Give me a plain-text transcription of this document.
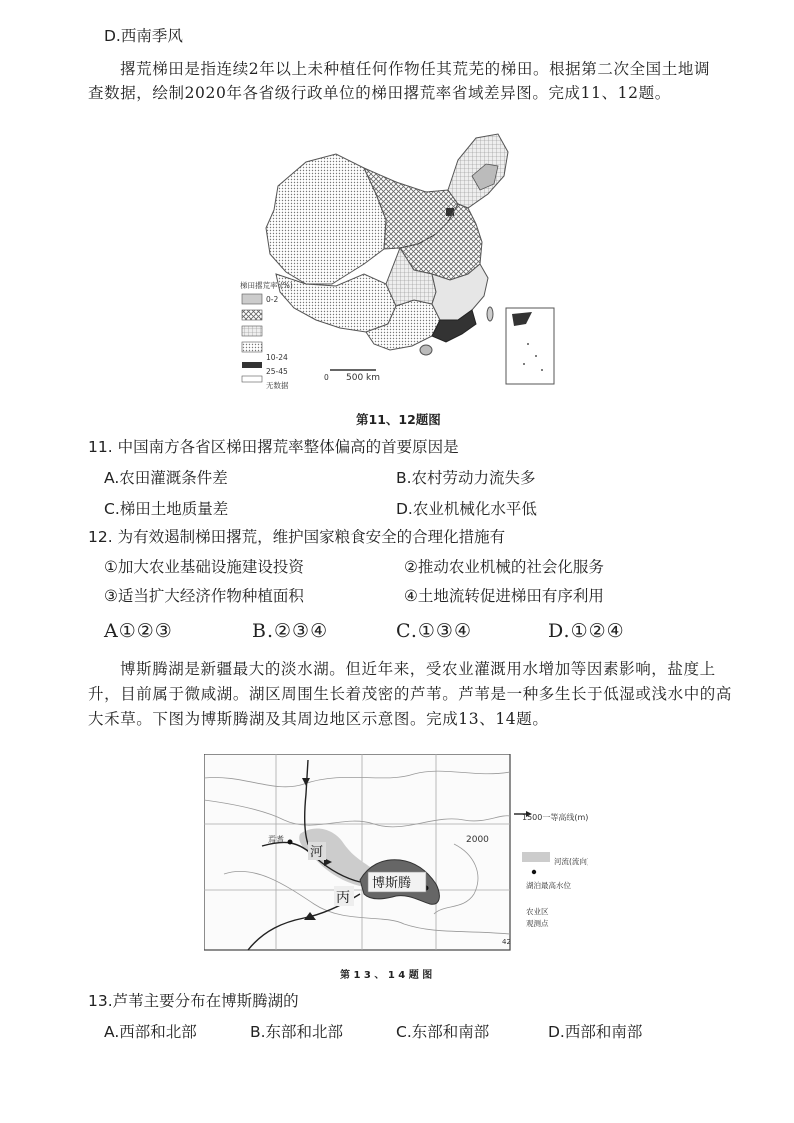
D.西南季风
撂荒梯田是指连续2年以上未种植任何作物任其荒芜的梯田。根据第二次全国土地调
查数据，绘制2020年各省级行政单位的梯田撂荒率省域差异图。完成11、12题。
梯田撂荒率 (%)
0-2
10-24
25-45
无数据
0 500 km
第11、12题图
11. 中国南方各省区梯田撂荒率整体偏高的首要原因是
A.农田灌溉条件差	B.农村劳动力流失多
C.梯田土地质量差	D.农业机械化水平低
12. 为有效遏制梯田撂荒，维护国家粮食安全的合理化措施有
①加大农业基础设施建设投资	②推动农业机械的社会化服务
③适当扩大经济作物种植面积	④土地流转促进梯田有序利用
A①②③	B.②③④	C.①③④	D.①②④
博斯腾湖是新疆最大的淡水湖。但近年来，受农业灌溉用水增加等因素影响，盐度上
升，目前属于微咸湖。湖区周围生长着茂密的芦苇。芦苇是一种多生长于低湿或浅水中的高
大禾草。下图为博斯腾湖及其周边地区示意图。完成13、14题。
焉耆
河
丙
博斯腾
2000
42
1500一等高线(m)
河流(流向)
湖泊最高水位
农业区
观测点
第 1 3 、 1 4 题 图
13.芦苇主要分布在博斯腾湖的
A.西部和北部	B.东部和北部	C.东部和南部	D.西部和南部
